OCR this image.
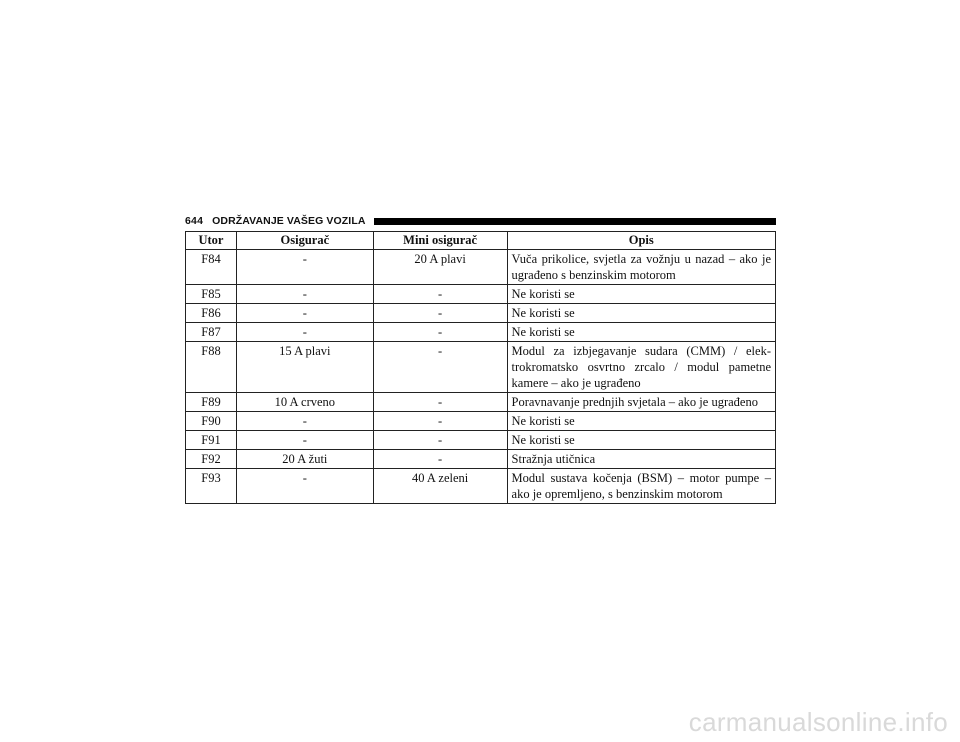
644 ODRŽAVANJE VAŠEG VOZILA
Utor	Osigurač	Mini osigurač	Opis
F84	-	20 A plavi	Vuča prikolice, svjetla za vožnju u nazad – ako je ugrađeno s benzinskim motorom
F85	-	-	Ne koristi se
F86	-	-	Ne koristi se
F87	-	-	Ne koristi se
F88	15 A plavi	-	Modul za izbjegavanje sudara (CMM) / elektrokromatsko osvrtno zrcalo / modul pametne kamere – ako je ugrađeno
F89	10 A crveno	-	Poravnavanje prednjih svjetala – ako je ugrađeno
F90	-	-	Ne koristi se
F91	-	-	Ne koristi se
F92	20 A žuti	-	Stražnja utičnica
F93	-	40 A zeleni	Modul sustava kočenja (BSM) – motor pumpe – ako je opremljeno, s benzinskim motorom
carmanualsonline.info
